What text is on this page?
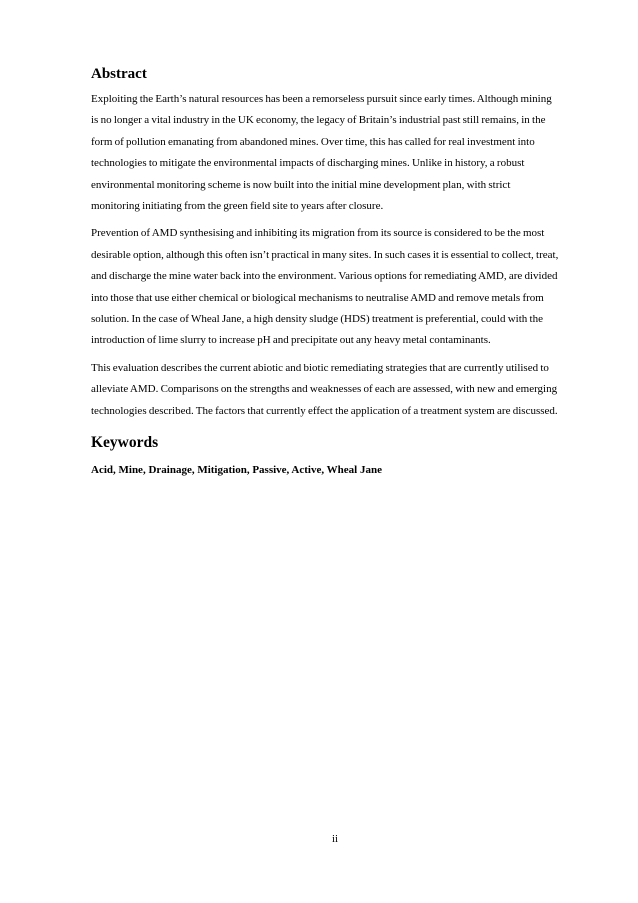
Abstract

Exploiting the Earth’s natural resources has been a remorseless pursuit since early times. Although mining is no longer a vital industry in the UK economy, the legacy of Britain’s industrial past still remains, in the form of pollution emanating from abandoned mines. Over time, this has called for real investment into technologies to mitigate the environmental impacts of discharging mines. Unlike in history, a robust environmental monitoring scheme is now built into the initial mine development plan, with strict monitoring initiating from the green field site to years after closure.

Prevention of AMD synthesising and inhibiting its migration from its source is considered to be the most desirable option, although this often isn’t practical in many sites. In such cases it is essential to collect, treat, and discharge the mine water back into the environment. Various options for remediating AMD, are divided into those that use either chemical or biological mechanisms to neutralise AMD and remove metals from solution. In the case of Wheal Jane, a high density sludge (HDS) treatment is preferential, could with the introduction of lime slurry to increase pH and precipitate out any heavy metal contaminants.

This evaluation describes the current abiotic and biotic remediating strategies that are currently utilised to alleviate AMD. Comparisons on the strengths and weaknesses of each are assessed, with new and emerging technologies described. The factors that currently effect the application of a treatment system are discussed.

Keywords

Acid, Mine, Drainage, Mitigation, Passive, Active, Wheal Jane

ii
